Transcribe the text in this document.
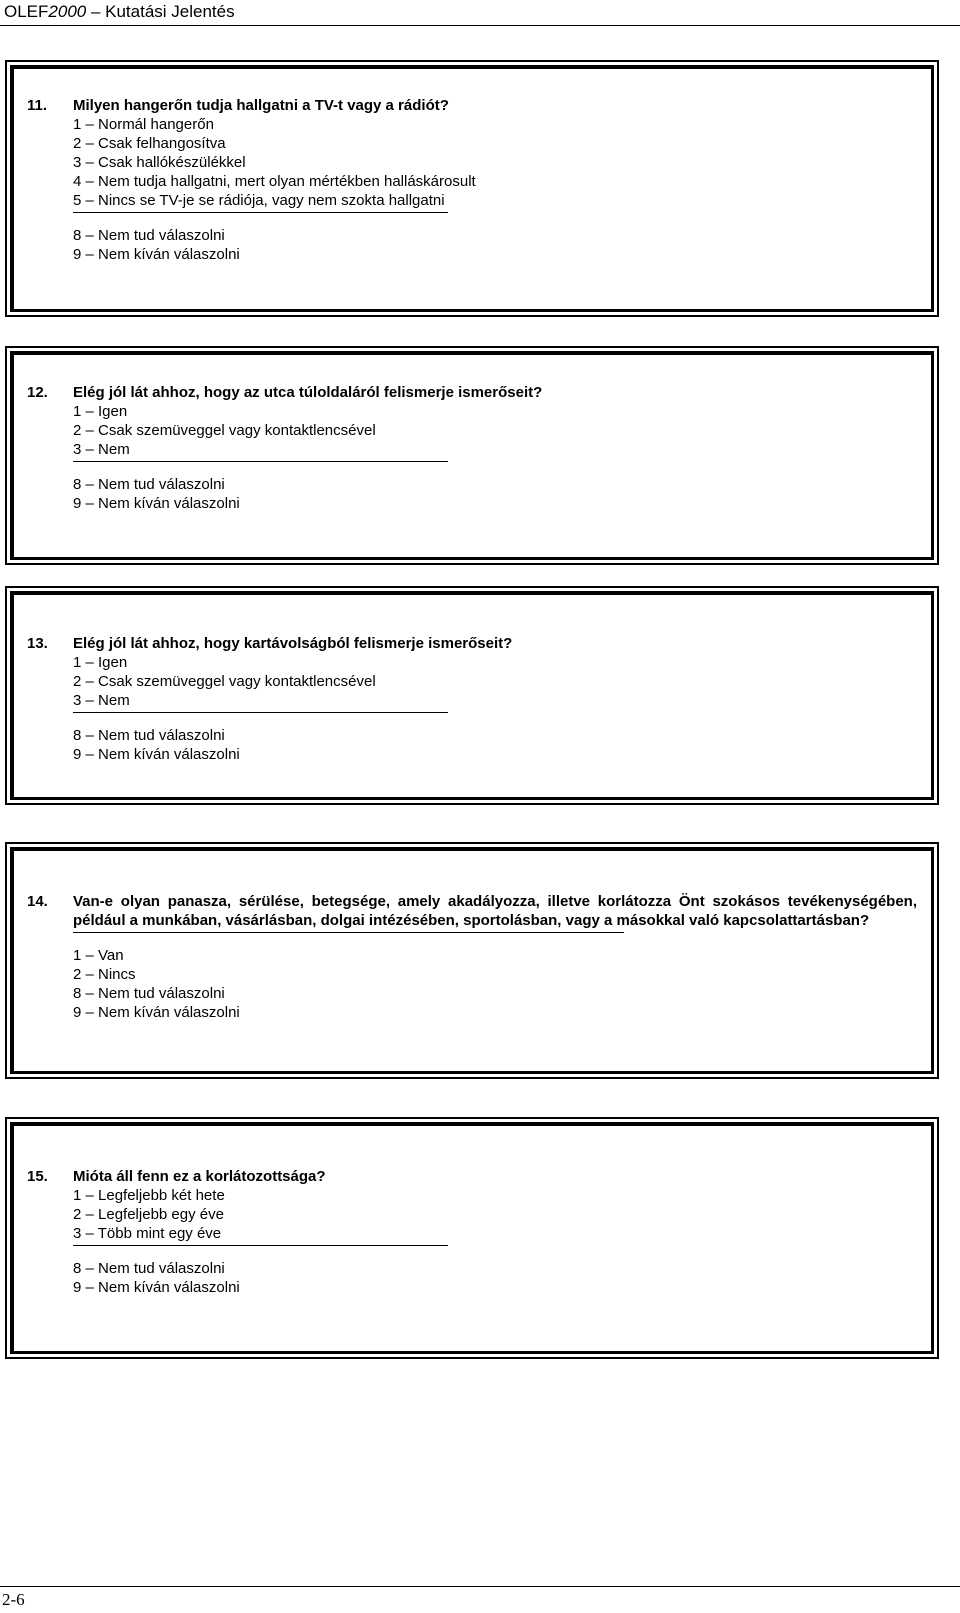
OLEF2000 – Kutatási Jelentés
11.	Milyen hangerőn tudja hallgatni a TV-t vagy a rádiót?
1 – Normál hangerőn
2 – Csak felhangosítva
3 – Csak hallókészülékkel
4 – Nem tudja hallgatni, mert olyan mértékben halláskárosult
5 – Nincs se TV-je se rádiója, vagy nem szokta hallgatni
8 – Nem tud válaszolni
9 – Nem kíván válaszolni
12.	Elég jól lát ahhoz, hogy az utca túloldaláról felismerje ismerőseit?
1 – Igen
2 – Csak szemüveggel vagy kontaktlencsével
3 – Nem
8 – Nem tud válaszolni
9 – Nem kíván válaszolni
13.	Elég jól lát ahhoz, hogy kartávolságból felismerje ismerőseit?
1 – Igen
2 – Csak szemüveggel vagy kontaktlencsével
3 – Nem
8 – Nem tud válaszolni
9 – Nem kíván válaszolni
14.	Van-e olyan panasza, sérülése, betegsége, amely akadályozza, illetve korlátozza Önt szokásos tevékenységében, például a munkában, vásárlásban, dolgai intézésében, sportolásban, vagy a másokkal való kapcsolattartásban?
1 – Van
2 – Nincs
8 – Nem tud válaszolni
9 – Nem kíván válaszolni
15.	Mióta áll fenn ez a korlátozottsága?
1 – Legfeljebb két hete
2 – Legfeljebb egy éve
3 – Több mint egy éve
8 – Nem tud válaszolni
9 – Nem kíván válaszolni
2-6
